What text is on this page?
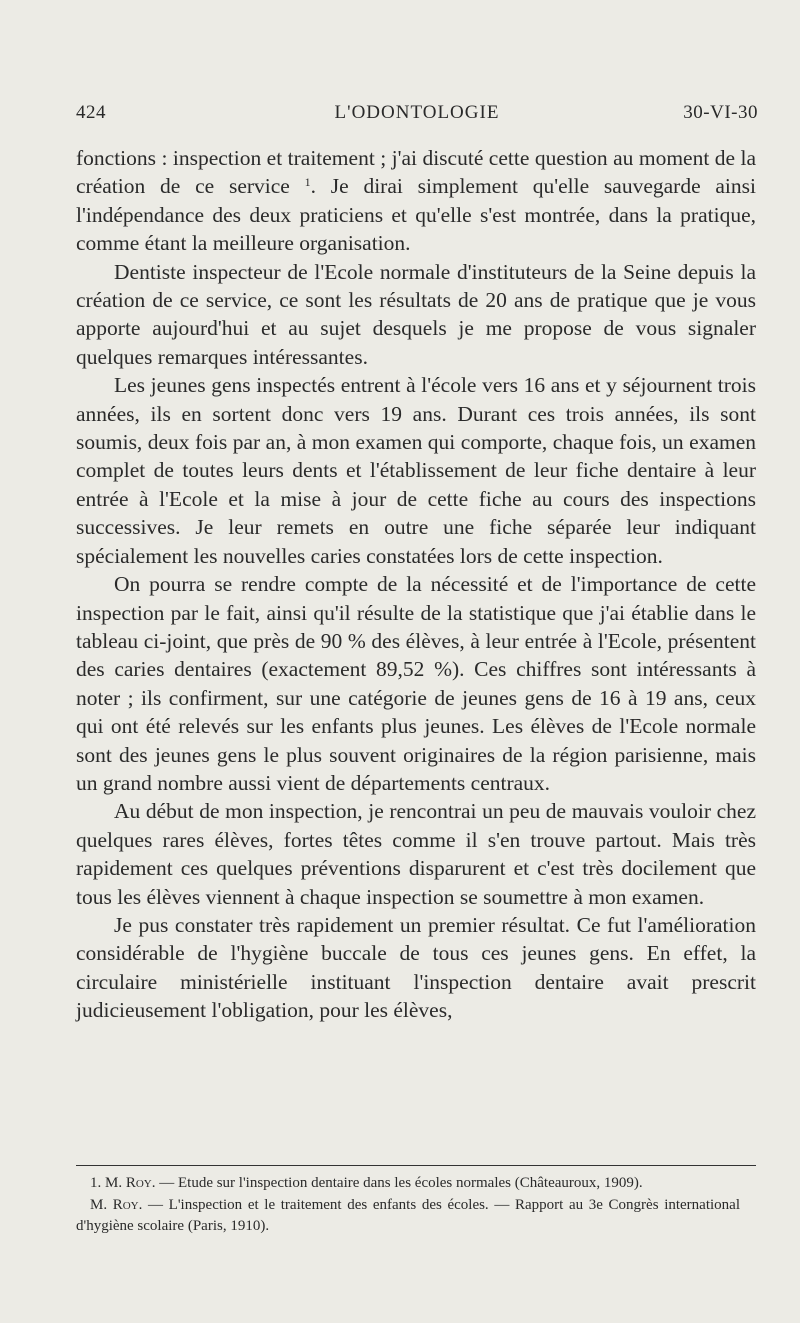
424	L'ODONTOLOGIE	30-VI-30

fonctions : inspection et traitement ; j'ai discuté cette question au moment de la création de ce service $^1$. Je dirai simplement qu'elle sauvegarde ainsi l'indépendance des deux praticiens et qu'elle s'est montrée, dans la pratique, comme étant la meilleure organisation.

Dentiste inspecteur de l'Ecole normale d'instituteurs de la Seine depuis la création de ce service, ce sont les résultats de 20 ans de pratique que je vous apporte aujourd'hui et au sujet desquels je me propose de vous signaler quelques remarques intéressantes.

Les jeunes gens inspectés entrent à l'école vers 16 ans et y séjournent trois années, ils en sortent donc vers 19 ans. Durant ces trois années, ils sont soumis, deux fois par an, à mon examen qui comporte, chaque fois, un examen complet de toutes leurs dents et l'établissement de leur fiche dentaire à leur entrée à l'Ecole et la mise à jour de cette fiche au cours des inspections successives. Je leur remets en outre une fiche séparée leur indiquant spécialement les nouvelles caries constatées lors de cette inspection.

On pourra se rendre compte de la nécessité et de l'importance de cette inspection par le fait, ainsi qu'il résulte de la statistique que j'ai établie dans le tableau ci-joint, que près de 90 % des élèves, à leur entrée à l'Ecole, présentent des caries dentaires (exactement 89,52 %). Ces chiffres sont intéressants à noter ; ils confirment, sur une catégorie de jeunes gens de 16 à 19 ans, ceux qui ont été relevés sur les enfants plus jeunes. Les élèves de l'Ecole normale sont des jeunes gens le plus souvent originaires de la région parisienne, mais un grand nombre aussi vient de départements centraux.

Au début de mon inspection, je rencontrai un peu de mauvais vouloir chez quelques rares élèves, fortes têtes comme il s'en trouve partout. Mais très rapidement ces quelques préventions disparurent et c'est très docilement que tous les élèves viennent à chaque inspection se soumettre à mon examen.

Je pus constater très rapidement un premier résultat. Ce fut l'amélioration considérable de l'hygiène buccale de tous ces jeunes gens. En effet, la circulaire ministérielle instituant l'inspection dentaire avait prescrit judicieusement l'obligation, pour les élèves,

1. M. Roy. — Etude sur l'inspection dentaire dans les écoles normales (Châteauroux, 1909).

M. Roy. — L'inspection et le traitement des enfants des écoles. — Rapport au 3e Congrès international d'hygiène scolaire (Paris, 1910).
